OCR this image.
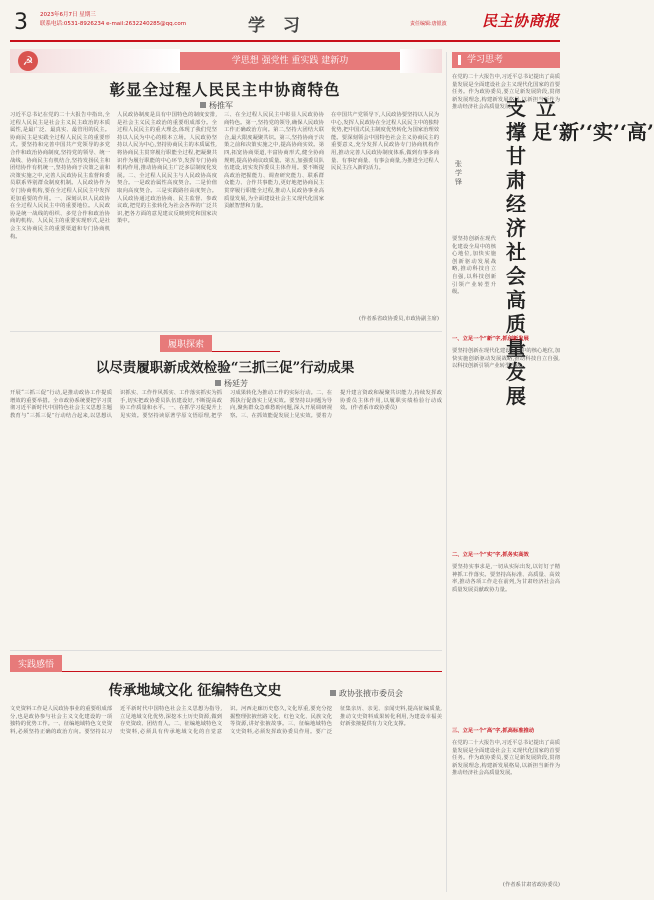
3 2023年6月7日 星期三
联系电话:0531-8926234 e-mail:2632240285@qq.com	学 习	责任编辑:唐银波 民主协商报
☭	学思想 强党性 重实践 建新功
彰显全过程人民民主中协商特色
杨推军
习近平总书记在党的二十大报告中指出,全过程人民民主是社会主义民主政治的本质属性,是最广泛、最真实、最管用的民主。协商民主是实践全过程人民民主的重要形式。要坚持和完善中国共产党领导的多党合作和政治协商制度,坚持党的领导、统一战线、协商民主有机结合,坚持发扬民主和团结协作有机统一,坚持协商于决策之前和决策实施之中,完善人民政协民主监督和委员联系界别群众制度机制。人民政协作为专门协商机构,要在全过程人民民主中发挥更加重要的作用。一、深刻认识人民政协在全过程人民民主中的重要地位。人民政协是统一战线的组织、多党合作和政治协商的机构、人民民主的重要实现形式,是社会主义协商民主的重要渠道和专门协商机构。
人民政协制度是具有中国特色的制度安排,是社会主义民主政治的重要组成部分。全过程人民民主的重大理念,体现了我们党坚持以人民为中心的根本立场。人民政协坚持以人民为中心,坚持协商民主的本质属性,将协商民主贯穿履行职能全过程,把凝聚共识作为履行职能的中心环节,发挥专门协商机构作用,推动协商民主广泛多层制度化发展。二、全过程人民民主与人民政协高度契合。一是政治属性高度契合。二是价值取向高度契合。三是实践路径高度契合。人民政协通过政治协商、民主监督、参政议政,把党的主张转化为社会各界的广泛共识,把各方面的意见建议反映到党和国家决策中。
三、在全过程人民民主中彰显人民政协协商特色。第一,坚持党的领导,确保人民政协工作正确政治方向。第二,坚持大团结大联合,最大限度凝聚共识。第三,坚持协商于决策之前和决策实施之中,提高协商实效。第四,拓宽协商渠道,丰富协商形式,健全协商规则,提高协商议政质量。第五,加强委员队伍建设,切实发挥委员主体作用。要不断提高政治把握能力、调查研究能力、联系群众能力、合作共事能力,更好地把协商民主贯穿履行职能全过程,推动人民政协事业高质量发展,为全面建设社会主义现代化国家贡献智慧和力量。
在中国共产党领导下,人民政协要坚持以人民为中心,发挥人民政协在全过程人民民主中的独特优势,把中国式民主制度优势转化为国家治理效能。要深刻领会中国特色社会主义协商民主的重要意义,充分发挥人民政协专门协商机构作用,推动完善人民政协制度体系,做到有事多商量、有事好商量、有事会商量,为推进全过程人民民主注入新的活力。
(作者系省政协委员,市政协副主席)
履职探索
以尽责履职新成效检验“三抓三促”行动成果
杨延芳
开展“三抓三促”行动,是推动政协工作提质增效的重要举措。全市政协系统要把学习贯彻习近平新时代中国特色社会主义思想主题教育与“三抓三促”行动结合起来,以思想认识抓实、工作作风抓实、工作落实抓实为抓手,切实把政协委员队伍建设好,不断提高政协工作质量和水平。一、在抓学习促提升上见实效。要坚持读原著学原文悟原理,把学习成果转化为推动工作的实际行动。二、在抓执行促落实上见实效。要坚持以问题为导向,聚焦群众急难愁盼问题,深入开展调研视察。三、在抓效能促发展上见实效。要着力提升建言资政和凝聚共识能力,持续发挥政协委员主体作用,以履职实绩检验行动成效。(作者系市政协委员)
实践感悟
传承地域文化 征编特色文史	政协张掖市委员会
文史资料工作是人民政协事业的重要组成部分,也是政协参与社会主义文化建设的一项独特的优势工作。一、征编地域特色文史资料,必须坚持正确的政治方向。要坚持以习近平新时代中国特色社会主义思想为指导,立足地域文化优势,深挖本土历史资源,做到存史资政、团结育人。二、征编地域特色文史资料,必须具有传承地域文化的自觉意识。河西走廊历史悠久,文化厚重,要充分挖掘整理张掖丝路文化、红色文化、民族文化等资源,讲好张掖故事。三、征编地域特色文史资料,必须发挥政协委员作用。要广泛征集亲历、亲见、亲闻史料,提高征编质量,推动文史资料成果转化利用,为建设幸福美好新张掖提供有力文化支撑。
学习思考
在党的二十大报告中,习近平总书记提出了高质量发展是全面建设社会主义现代化国家的首要任务。作为政协委员,要立足新发展阶段,贯彻新发展理念,构建新发展格局,以新担当新作为推动经济社会高质量发展。	立足‘新’‘实’‘高’
支撑甘肃经济社会高质量发展
张学锋
要坚持创新在现代化建设全局中的核心地位,加快实施创新驱动发展战略,推动科技自立自强,以科技创新引领产业转型升级。
一、立足一个“新”字,抓创新发展
要坚持创新在现代化建设全局中的核心地位,加快实施创新驱动发展战略,推动科技自立自强,以科技创新引领产业转型升级。
二、立足一个“实”字,抓务实高效
要坚持实事求是,一切从实际出发,以钉钉子精神抓工作落实。要坚持高标准、高质量、高效率,推动各项工作走在前列,为甘肃经济社会高质量发展贡献政协力量。
三、立足一个“高”字,抓高标准推动
在党的二十大报告中,习近平总书记提出了高质量发展是全面建设社会主义现代化国家的首要任务。作为政协委员,要立足新发展阶段,贯彻新发展理念,构建新发展格局,以新担当新作为推动经济社会高质量发展。
(作者系甘肃省政协委员)
